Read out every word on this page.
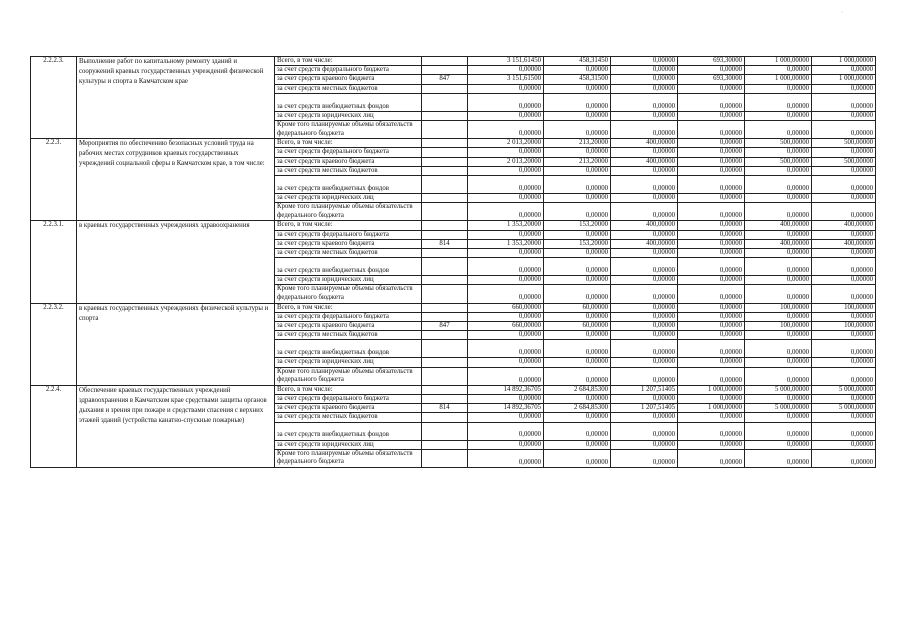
·
2.2.2.3.	Выполнение работ по капитальному ремонту зданий и сооружений краевых государственных учреждений физической культуры и спорта в Камчатском крае	Всего, в том числе:		3 151,61450	458,31450	0,00000	693,30000	1 000,00000	1 000,00000
		за счет средств федерального бюджета		0,00000	0,00000	0,00000	0,00000	0,00000	0,00000
		за счет средств краевого бюджета	847	3 151,61500	458,31500	0,00000	693,30000	1 000,00000	1 000,00000
		за счет средств местных бюджетов		0,00000	0,00000	0,00000	0,00000	0,00000	0,00000
		за счет средств внебюджетных фондов		0,00000	0,00000	0,00000	0,00000	0,00000	0,00000
		за счет средств юридических лиц		0,00000	0,00000	0,00000	0,00000	0,00000	0,00000
		Кроме того планируемые объемы обязательств федерального бюджета		0,00000	0,00000	0,00000	0,00000	0,00000	0,00000
2.2.3.	Мероприятия по обеспечению безопасных условий труда на рабочих местах сотрудников краевых государственных учреждений социальной сферы в Камчатском крае, в том числе:	Всего, в том числе:		2 013,20000	213,20000	400,00000	0,00000	500,00000	500,00000
		за счет средств федерального бюджета		0,00000	0,00000	0,00000	0,00000	0,00000	0,00000
		за счет средств краевого бюджета		2 013,20000	213,20000	400,00000	0,00000	500,00000	500,00000
		за счет средств местных бюджетов		0,00000	0,00000	0,00000	0,00000	0,00000	0,00000
		за счет средств внебюджетных фондов		0,00000	0,00000	0,00000	0,00000	0,00000	0,00000
		за счет средств юридических лиц		0,00000	0,00000	0,00000	0,00000	0,00000	0,00000
		Кроме того планируемые объемы обязательств федерального бюджета		0,00000	0,00000	0,00000	0,00000	0,00000	0,00000
2.2.3.1.	в краевых государственных учреждениях здравоохранения	Всего, в том числе:		1 353,20000	153,20000	400,00000	0,00000	400,00000	400,00000
		за счет средств федерального бюджета		0,00000	0,00000	0,00000	0,00000	0,00000	0,00000
		за счет средств краевого бюджета	814	1 353,20000	153,20000	400,00000	0,00000	400,00000	400,00000
		за счет средств местных бюджетов		0,00000	0,00000	0,00000	0,00000	0,00000	0,00000
		за счет средств внебюджетных фондов		0,00000	0,00000	0,00000	0,00000	0,00000	0,00000
		за счет средств юридических лиц		0,00000	0,00000	0,00000	0,00000	0,00000	0,00000
		Кроме того планируемые объемы обязательств федерального бюджета		0,00000	0,00000	0,00000	0,00000	0,00000	0,00000
2.2.3.2.	в краевых государственных учреждениях физической культуры и спорта	Всего, в том числе:		660,00000	60,00000	0,00000	0,00000	100,00000	100,00000
		за счет средств федерального бюджета		0,00000	0,00000	0,00000	0,00000	0,00000	0,00000
		за счет средств краевого бюджета	847	660,00000	60,00000	0,00000	0,00000	100,00000	100,00000
		за счет средств местных бюджетов		0,00000	0,00000	0,00000	0,00000	0,00000	0,00000
		за счет средств внебюджетных фондов		0,00000	0,00000	0,00000	0,00000	0,00000	0,00000
		за счет средств юридических лиц		0,00000	0,00000	0,00000	0,00000	0,00000	0,00000
		Кроме того планируемые объемы обязательств федерального бюджета		0,00000	0,00000	0,00000	0,00000	0,00000	0,00000
2.2.4.	Обеспечение краевых государственных учреждений здравоохранения в Камчатском крае средствами защиты органов дыхания и зрения при пожаре и средствами спасения с верхних этажей зданий (устройства канатно-спускные пожарные)	Всего, в том числе:		14 892,36705	2 684,85300	1 207,51405	1 000,00000	5 000,00000	5 000,00000
		за счет средств федерального бюджета		0,00000	0,00000	0,00000	0,00000	0,00000	0,00000
		за счет средств краевого бюджета	814	14 892,36705	2 684,85300	1 207,51405	1 000,00000	5 000,00000	5 000,00000
		за счет средств местных бюджетов		0,00000	0,00000	0,00000	0,00000	0,00000	0,00000
		за счет средств внебюджетных фондов		0,00000	0,00000	0,00000	0,00000	0,00000	0,00000
		за счет средств юридических лиц		0,00000	0,00000	0,00000	0,00000	0,00000	0,00000
		Кроме того планируемые объемы обязательств федерального бюджета		0,00000	0,00000	0,00000	0,00000	0,00000	0,00000
